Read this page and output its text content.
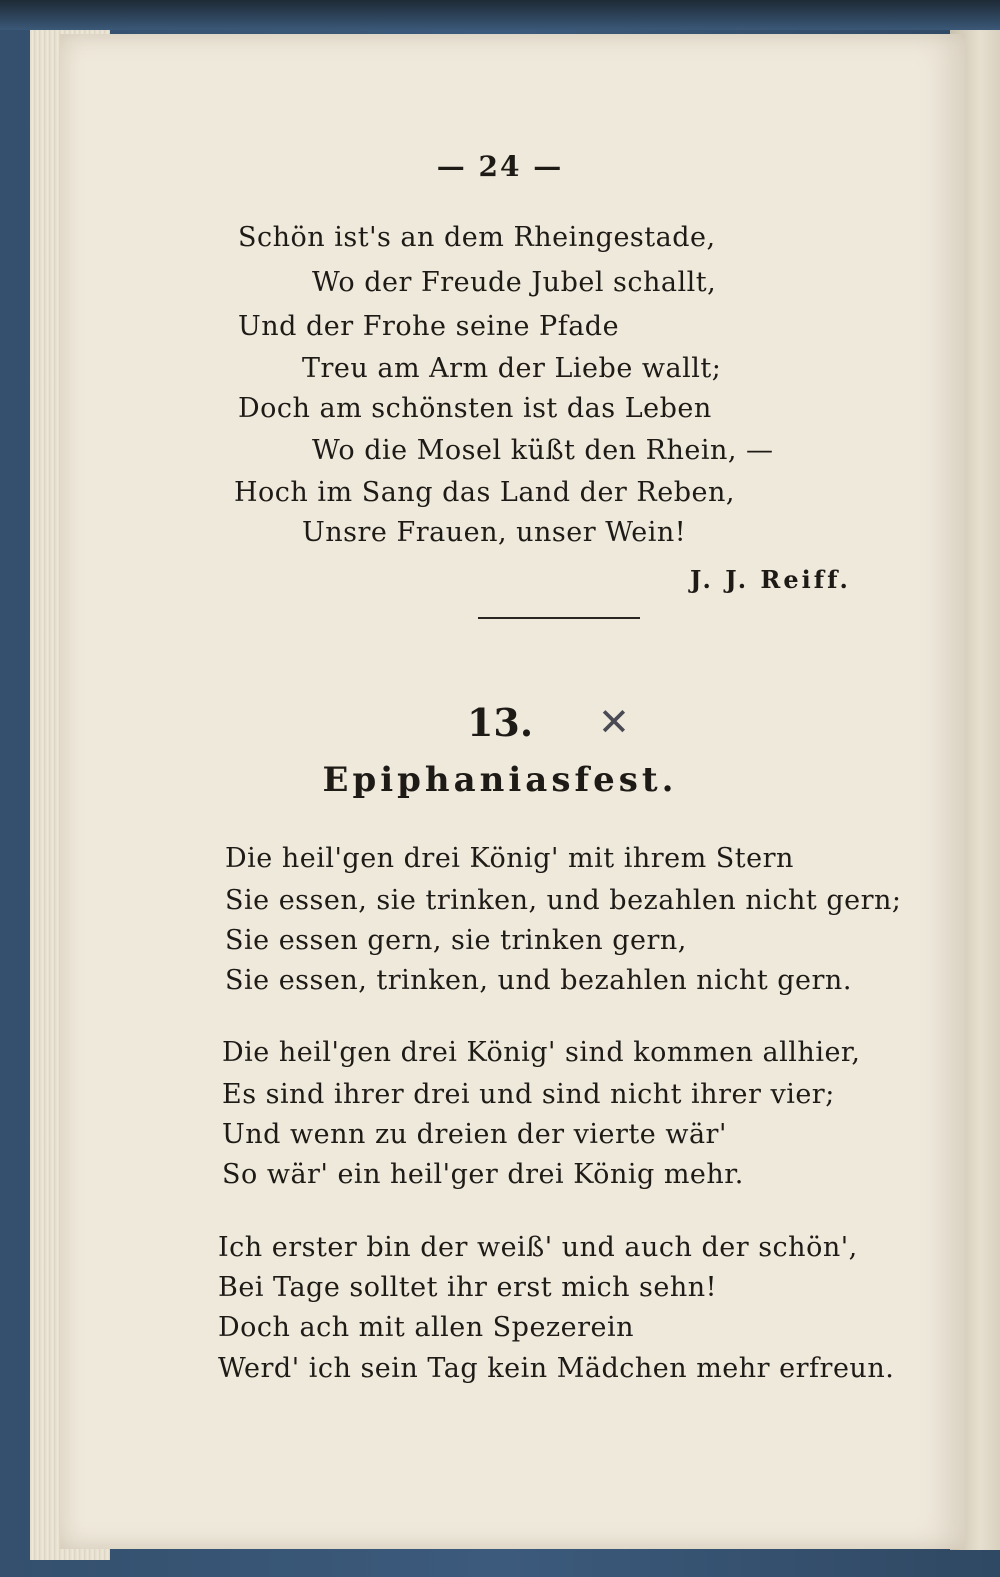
— 24 —
Schön ist's an dem Rheingestade,
Wo der Freude Jubel schallt,
Und der Frohe seine Pfade
Treu am Arm der Liebe wallt;
Doch am schönsten ist das Leben
Wo die Mosel küßt den Rhein, —
Hoch im Sang das Land der Reben,
Unsre Frauen, unser Wein!
J. J. Reiff.
13.	✕
Epiphaniasfest.
Die heil'gen drei König' mit ihrem Stern
Sie essen, sie trinken, und bezahlen nicht gern;
Sie essen gern, sie trinken gern,
Sie essen, trinken, und bezahlen nicht gern.
Die heil'gen drei König' sind kommen allhier,
Es sind ihrer drei und sind nicht ihrer vier;
Und wenn zu dreien der vierte wär'
So wär' ein heil'ger drei König mehr.
Ich erster bin der weiß' und auch der schön',
Bei Tage solltet ihr erst mich sehn!
Doch ach mit allen Spezerein
Werd' ich sein Tag kein Mädchen mehr erfreun.
